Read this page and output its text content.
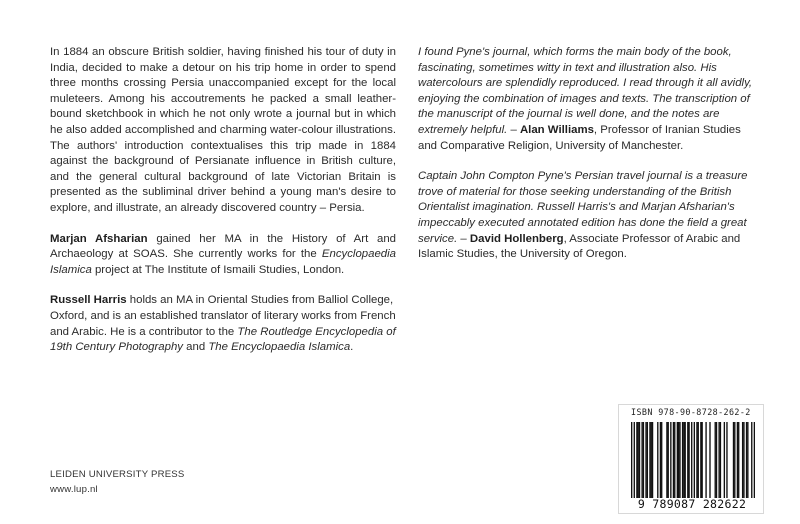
In 1884 an obscure British soldier, having finished his tour of duty in India, decided to make a detour on his trip home in order to spend three months crossing Persia unaccompanied except for the local muleteers. Among his accoutrements he packed a small leather-bound sketchbook in which he not only wrote a journal but in which he also added accomplished and charming water-colour illustrations. The authors' introduction contextualises this trip made in 1884 against the background of Persianate influence in British culture, and the general cultural background of late Victorian Britain is presented as the subliminal driver behind a young man's desire to explore, and illustrate, an already discovered country – Persia.

Marjan Afsharian gained her MA in the History of Art and Archaeology at SOAS. She currently works for the Encyclopaedia Islamica project at The Institute of Ismaili Studies, London.

Russell Harris holds an MA in Oriental Studies from Balliol College, Oxford, and is an established translator of literary works from French and Arabic. He is a contributor to the The Routledge Encyclopedia of 19th Century Photography and The Encyclopaedia Islamica.

I found Pyne's journal, which forms the main body of the book, fascinating, sometimes witty in text and illustration also. His watercolours are splendidly reproduced. I read through it all avidly, enjoying the combination of images and texts. The transcription of the manuscript of the journal is well done, and the notes are extremely helpful. – Alan Williams, Professor of Iranian Studies and Comparative Religion, University of Manchester.

Captain John Compton Pyne's Persian travel journal is a treasure trove of material for those seeking understanding of the British Orientalist imagination. Russell Harris's and Marjan Afsharian's impeccably executed annotated edition has done the field a great service. – David Hollenberg, Associate Professor of Arabic and Islamic Studies, the University of Oregon.

LEIDEN UNIVERSITY PRESS
www.lup.nl
ISBN 978-90-8728-262-2
9 789087 282622
